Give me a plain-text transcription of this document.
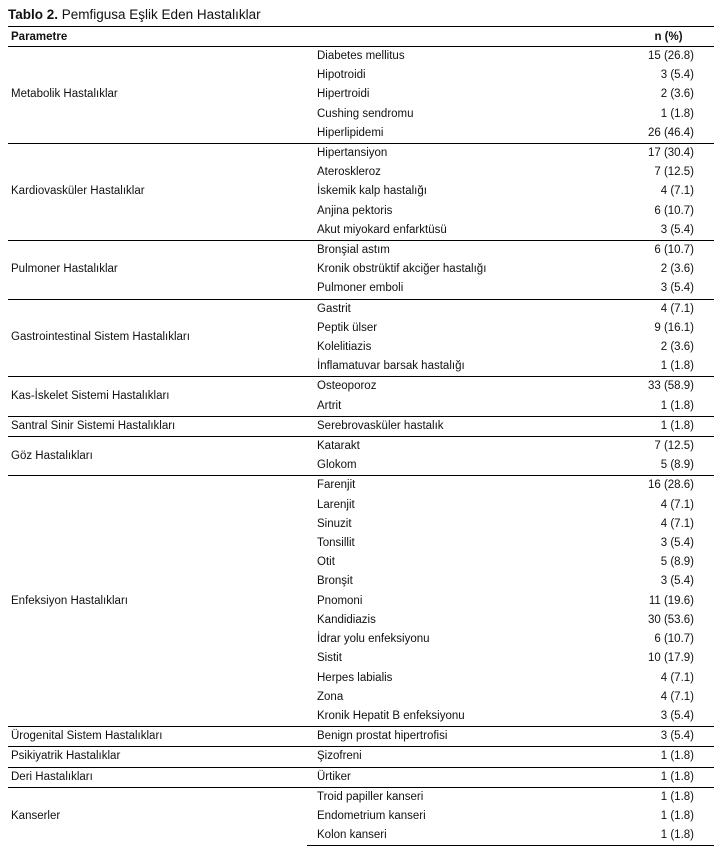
Tablo 2. Pemfigusa Eşlik Eden Hastalıklar
Parametre		n (%)
Metabolik Hastalıklar	Diabetes mellitus	15 (26.8)
	Hipotroidi	3 (5.4)
	Hipertroidi	2 (3.6)
	Cushing sendromu	1 (1.8)
	Hiperlipidemi	26 (46.4)
Kardiovasküler Hastalıklar	Hipertansiyon	17 (30.4)
	Ateroskleroz	7 (12.5)
	İskemik kalp hastalığı	4 (7.1)
	Anjina pektoris	6 (10.7)
	Akut miyokard enfarktüsü	3 (5.4)
Pulmoner Hastalıklar	Bronşial astım	6 (10.7)
	Kronik obstrüktif akciğer hastalığı	2 (3.6)
	Pulmoner emboli	3 (5.4)
Gastrointestinal Sistem Hastalıkları	Gastrit	4 (7.1)
	Peptik ülser	9 (16.1)
	Kolelitiazis	2 (3.6)
	İnflamatuvar barsak hastalığı	1 (1.8)
Kas-İskelet Sistemi Hastalıkları	Osteoporoz	33 (58.9)
	Artrit	1 (1.8)
Santral Sinir Sistemi Hastalıkları	Serebrovasküler hastalık	1 (1.8)
Göz Hastalıkları	Katarakt	7 (12.5)
	Glokom	5 (8.9)
Enfeksiyon Hastalıkları	Farenjit	16 (28.6)
	Larenjit	4 (7.1)
	Sinuzit	4 (7.1)
	Tonsillit	3 (5.4)
	Otit	5 (8.9)
	Bronşit	3 (5.4)
	Pnomoni	11 (19.6)
	Kandidiazis	30 (53.6)
	İdrar yolu enfeksiyonu	6 (10.7)
	Sistit	10 (17.9)
	Herpes labialis	4 (7.1)
	Zona	4 (7.1)
	Kronik Hepatit B enfeksiyonu	3 (5.4)
Ürogenital Sistem Hastalıkları	Benign prostat hipertrofisi	3 (5.4)
Psikiyatrik Hastalıklar	Şizofreni	1 (1.8)
Deri Hastalıkları	Ürtiker	1 (1.8)
Kanserler	Troid papiller kanseri	1 (1.8)
	Endometrium kanseri	1 (1.8)
	Kolon kanseri	1 (1.8)
